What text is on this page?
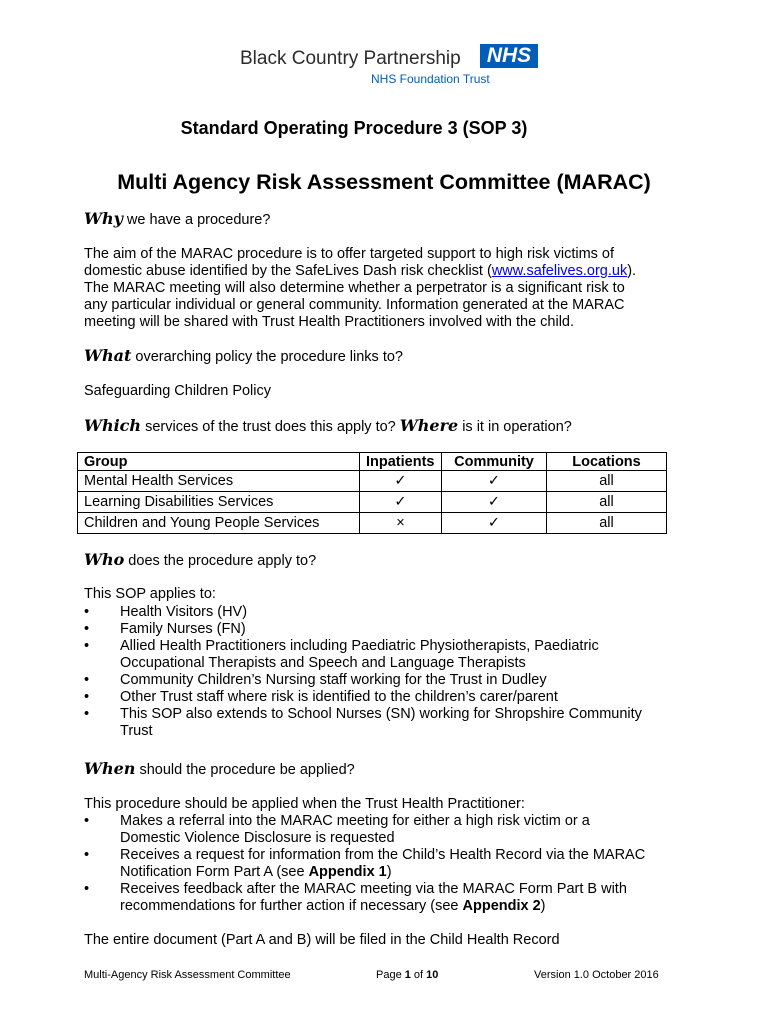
Black Country Partnership	NHS
NHS Foundation Trust
Standard Operating Procedure 3 (SOP 3)
Multi Agency Risk Assessment Committee (MARAC)
Why we have a procedure?
The aim of the MARAC procedure is to offer targeted support to high risk victims of
domestic abuse identified by the SafeLives Dash risk checklist (www.safelives.org.uk).
The MARAC meeting will also determine whether a perpetrator is a significant risk to
any particular individual or general community. Information generated at the MARAC
meeting will be shared with Trust Health Practitioners involved with the child.
What overarching policy the procedure links to?
Safeguarding Children Policy
Which services of the trust does this apply to? Where is it in operation?
Group	Inpatients	Community	Locations
Mental Health Services	✓	✓	all
Learning Disabilities Services	✓	✓	all
Children and Young People Services	×	✓	all
Who does the procedure apply to?
This SOP applies to:
• Health Visitors (HV)
• Family Nurses (FN)
• Allied Health Practitioners including Paediatric Physiotherapists, Paediatric
Occupational Therapists and Speech and Language Therapists
• Community Children’s Nursing staff working for the Trust in Dudley
• Other Trust staff where risk is identified to the children’s carer/parent
• This SOP also extends to School Nurses (SN) working for Shropshire Community
Trust
When should the procedure be applied?
This procedure should be applied when the Trust Health Practitioner:
• Makes a referral into the MARAC meeting for either a high risk victim or a
Domestic Violence Disclosure is requested
• Receives a request for information from the Child’s Health Record via the MARAC
Notification Form Part A (see Appendix 1)
• Receives feedback after the MARAC meeting via the MARAC Form Part B with
recommendations for further action if necessary (see Appendix 2)
The entire document (Part A and B) will be filed in the Child Health Record
Multi-Agency Risk Assessment Committee	Page 1 of 10	Version 1.0 October 2016
